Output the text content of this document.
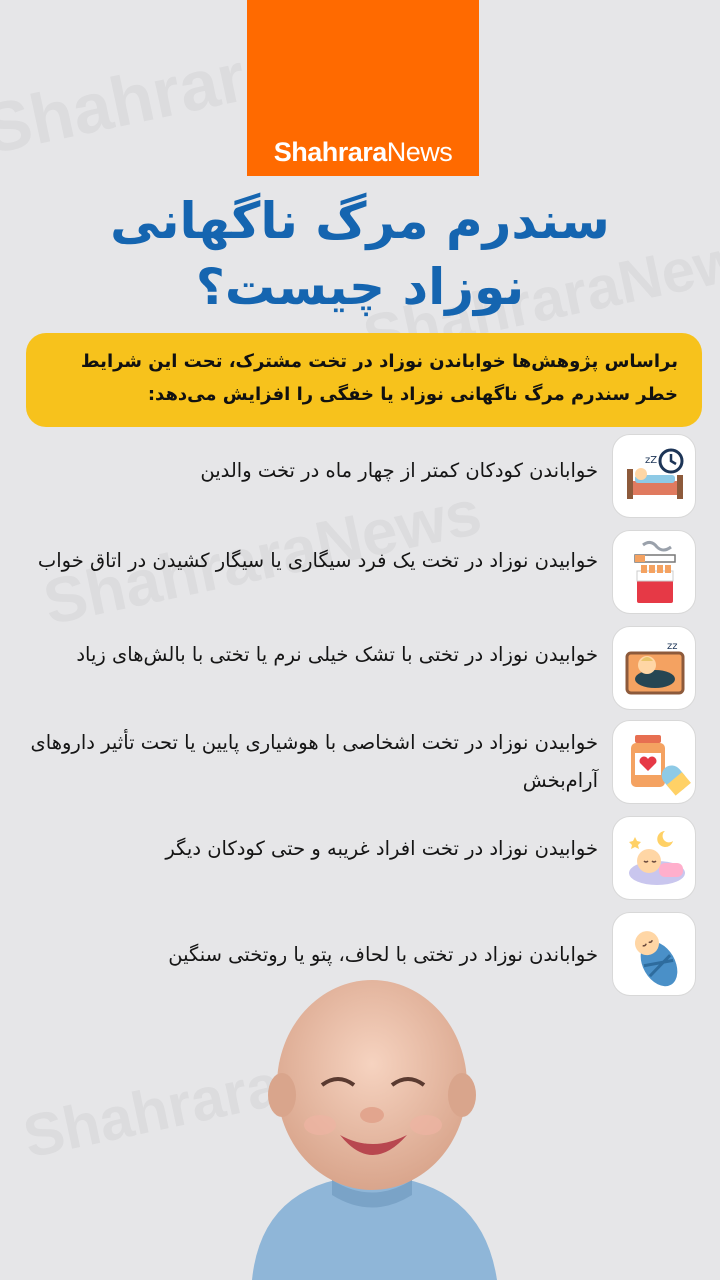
ShahraraNews
سندرم مرگ ناگهانی
نوزاد چیست؟
براساس پژوهش‌ها خواباندن نوزاد در تخت مشترک، تحت این شرایط خطر سندرم مرگ ناگهانی نوزاد یا خفگی را افزایش می‌دهد:
خواباندن کودکان کمتر از چهار ماه در تخت والدین	zZ
خوابیدن نوزاد در تخت یک فرد سیگاری یا سیگار کشیدن در اتاق خواب
خوابیدن نوزاد در تختی با تشک خیلی نرم یا تختی با بالش‌های زیاد	zz
خوابیدن نوزاد در تخت اشخاصی با هوشیاری پایین یا تحت تأثیر داروهای آرام‌بخش
خوابیدن نوزاد در تخت افراد غریبه و حتی کودکان دیگر
خواباندن نوزاد در تختی با لحاف، پتو یا روتختی سنگین
